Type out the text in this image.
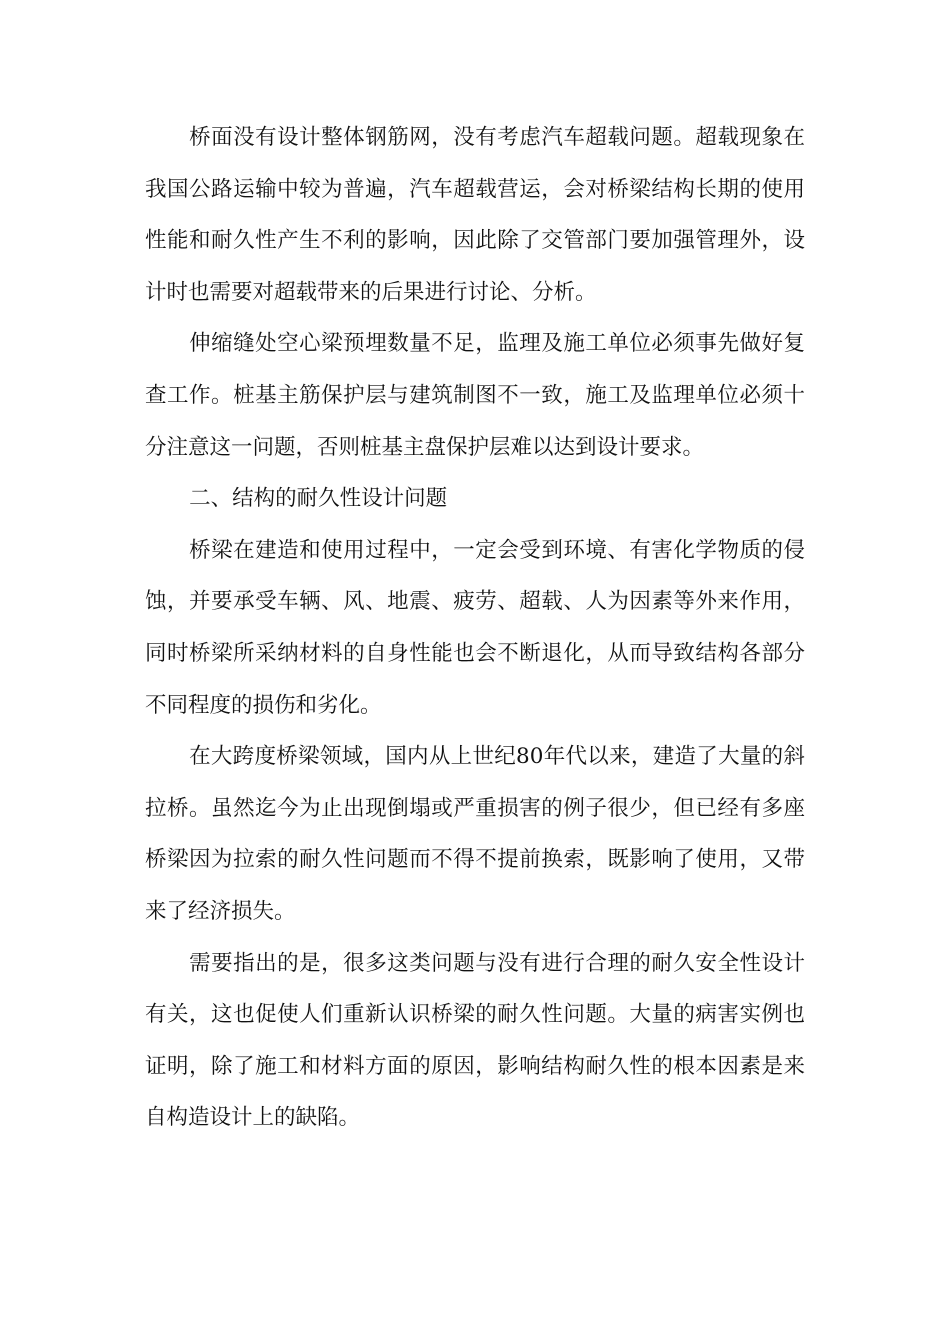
桥面没有设计整体钢筋网，没有考虑汽车超载问题。超载现象在我国公路运输中较为普遍，汽车超载营运，会对桥梁结构长期的使用性能和耐久性产生不利的影响，因此除了交管部门要加强管理外，设计时也需要对超载带来的后果进行讨论、分析。

伸缩缝处空心梁预埋数量不足，监理及施工单位必须事先做好复查工作。桩基主筋保护层与建筑制图不一致，施工及监理单位必须十分注意这一问题，否则桩基主盘保护层难以达到设计要求。

二、结构的耐久性设计问题

桥梁在建造和使用过程中，一定会受到环境、有害化学物质的侵蚀，并要承受车辆、风、地震、疲劳、超载、人为因素等外来作用，同时桥梁所采纳材料的自身性能也会不断退化，从而导致结构各部分不同程度的损伤和劣化。

在大跨度桥梁领域，国内从上世纪80年代以来，建造了大量的斜拉桥。虽然迄今为止出现倒塌或严重损害的例子很少，但已经有多座桥梁因为拉索的耐久性问题而不得不提前换索，既影响了使用，又带来了经济损失。

需要指出的是，很多这类问题与没有进行合理的耐久安全性设计有关，这也促使人们重新认识桥梁的耐久性问题。大量的病害实例也证明，除了施工和材料方面的原因，影响结构耐久性的根本因素是来自构造设计上的缺陷。
